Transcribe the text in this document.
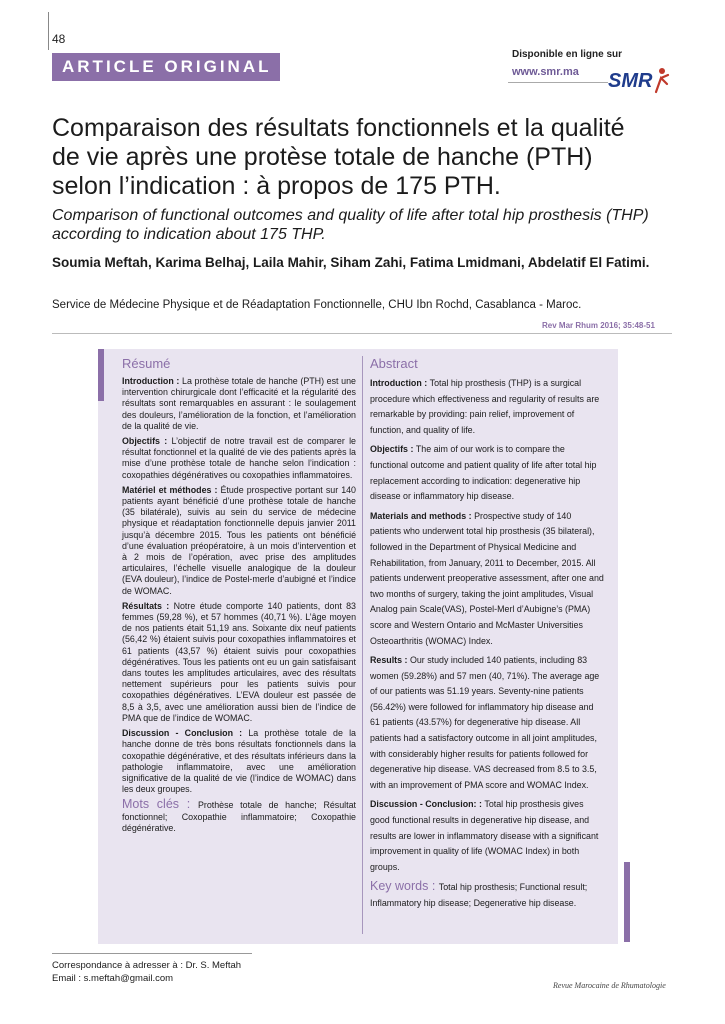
48
ARTICLE ORIGINAL
Disponible en ligne sur
www.smr.ma SMR
Comparaison des résultats fonctionnels et la qualité de vie après une protèse totale de hanche (PTH) selon l’indication : à propos de 175 PTH.
Comparison of functional outcomes and quality of life after total hip prosthesis (THP) according to indication about 175 THP.
Soumia Meftah, Karima Belhaj, Laila Mahir, Siham Zahi, Fatima Lmidmani, Abdelatif El Fatimi.
Service de Médecine Physique et de Réadaptation Fonctionnelle, CHU Ibn Rochd, Casablanca - Maroc.
Rev Mar Rhum 2016; 35:48-51
Résumé

Introduction : La prothèse totale de hanche (PTH) est une intervention chirurgicale dont l’efficacité et la régularité des résultats sont remarquables en assurant : le soulagement des douleurs, l’amélioration de la fonction, et l’amélioration de la qualité de vie.

Objectifs : L’objectif de notre travail est de comparer le résultat fonctionnel et la qualité de vie des patients après la mise d’une prothèse totale de hanche selon l’indication : coxopathies dégénératives ou coxopathies inflammatoires.

Matériel et méthodes : Étude prospective portant sur 140 patients ayant bénéficié d’une prothèse totale de hanche (35 bilatérale), suivis au sein du service de médecine physique et réadaptation fonctionnelle depuis janvier 2011 jusqu’à décembre 2015. Tous les patients ont bénéficié d’une évaluation préopératoire, à un mois d’intervention et à 2 mois de l’opération, avec prise des amplitudes articulaires, l’échelle visuelle analogique de la douleur (EVA douleur), l’indice de Postel-merle d’aubigné et l’indice de WOMAC.

Résultats : Notre étude comporte 140 patients, dont 83 femmes (59,28 %), et 57 hommes (40,71 %). L’âge moyen de nos patients était 51,19 ans. Soixante dix neuf patients (56,42 %) étaient suivis pour coxopathies inflammatoires et 61 patients (43,57 %) étaient suivis pour coxopathies dégénératives. Tous les patients ont eu un gain satisfaisant dans toutes les amplitudes articulaires, avec des résultats nettement supérieurs pour les patients suivis pour coxopathies dégénératives. L’EVA douleur est passée de 8,5 à 3,5, avec une amélioration aussi bien de l’indice de PMA que de l’indice de WOMAC.

Discussion - Conclusion : La prothèse totale de la hanche donne de très bons résultats fonctionnels dans la coxopathie dégénérative, et des résultats inférieurs dans la pathologie inflammatoire, avec une amélioration significative de la qualité de vie (l’indice de WOMAC) dans les deux groupes.

Mots clés : Prothèse totale de hanche; Résultat fonctionnel; Coxopathie inflammatoire; Coxopathie dégénérative.

Abstract

Introduction : Total hip prosthesis (THP) is a surgical procedure which effectiveness and regularity of results are remarkable by providing: pain relief, improvement of function, and quality of life.

Objectifs : The aim of our work is to compare the functional outcome and patient quality of life after total hip replacement according to indication: degenerative hip disease or inflammatory hip disease.

Materials and methods : Prospective study of 140 patients who underwent total hip prosthesis (35 bilateral), followed in the Department of Physical Medicine and Rehabilitation, from January, 2011 to December, 2015. All patients underwent preoperative assessment, after one and two months of surgery, taking the joint amplitudes, Visual Analog pain Scale(VAS), Postel-Merl d’Aubigne’s (PMA) score and Western Ontario and McMaster Universities Osteoarthritis (WOMAC) Index.

Results : Our study included 140 patients, including 83 women (59.28%) and 57 men (40, 71%). The average age of our patients was 51.19 years. Seventy-nine patients (56.42%) were followed for inflammatory hip disease and 61 patients (43.57%) for degenerative hip disease. All patients had a satisfactory outcome in all joint amplitudes, with considerably higher results for patients followed for degenerative hip disease. VAS decreased from 8.5 to 3.5, with an improvement of PMA score and WOMAC Index.

Discussion - Conclusion: : Total hip prosthesis gives good functional results in degenerative hip disease, and results are lower in inflammatory disease with a significant improvement in quality of life (WOMAC Index) in both groups.

Key words : Total hip prosthesis; Functional result; Inflammatory hip disease; Degenerative hip disease.

Correspondance à adresser à : Dr. S. Meftah
Email : s.meftah@gmail.com
Revue Marocaine de Rhumatologie
